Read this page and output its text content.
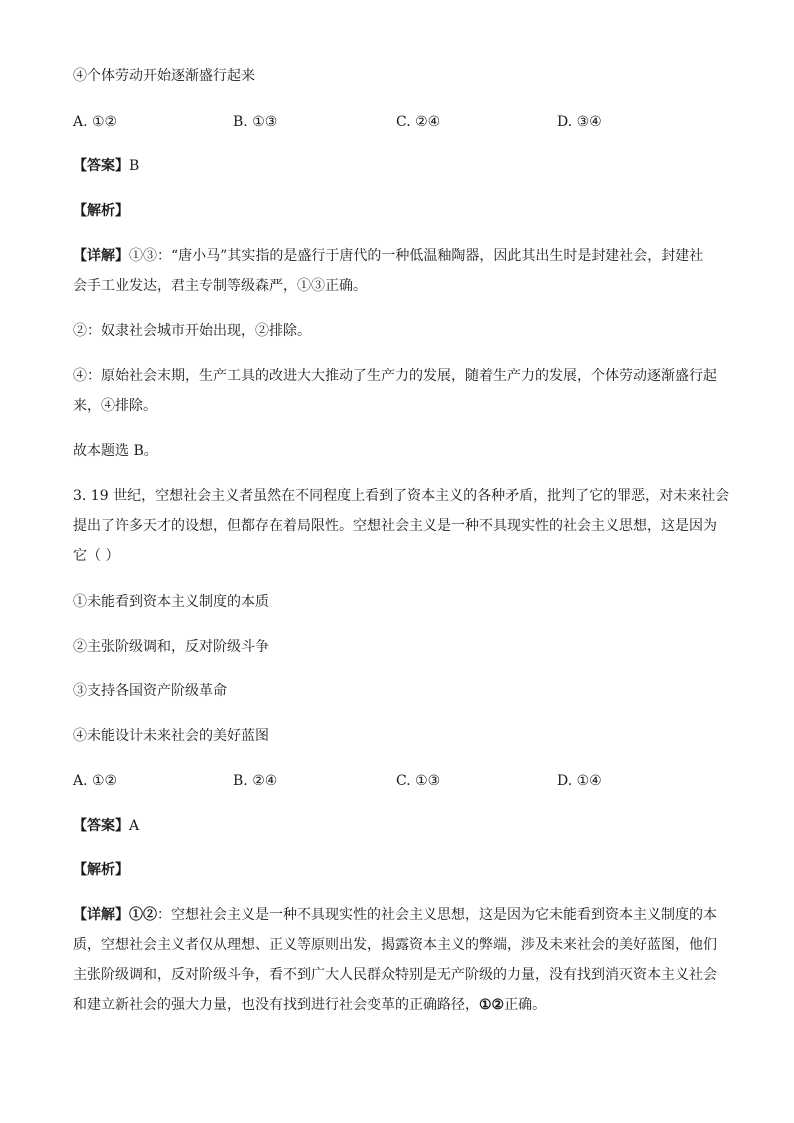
④个体劳动开始逐渐盛行起来
A. ①②	B. ①③	C. ②④	D. ③④
【答案】B
【解析】
【详解】①③：“唐小马”其实指的是盛行于唐代的一种低温釉陶器，因此其出生时是封建社会，封建社
会手工业发达，君主专制等级森严，①③正确。
②：奴隶社会城市开始出现，②排除。
④：原始社会末期，生产工具的改进大大推动了生产力的发展，随着生产力的发展，个体劳动逐渐盛行起
来，④排除。
故本题选 B。
3. 19 世纪，空想社会主义者虽然在不同程度上看到了资本主义的各种矛盾，批判了它的罪恶，对未来社会
提出了许多天才的设想，但都存在着局限性。空想社会主义是一种不具现实性的社会主义思想，这是因为
它（ ）
①未能看到资本主义制度的本质
②主张阶级调和，反对阶级斗争
③支持各国资产阶级革命
④未能设计未来社会的美好蓝图
A. ①②	B. ②④	C. ①③	D. ①④
【答案】A
【解析】
【详解】①②：空想社会主义是一种不具现实性的社会主义思想，这是因为它未能看到资本主义制度的本
质，空想社会主义者仅从理想、正义等原则出发，揭露资本主义的弊端，涉及未来社会的美好蓝图，他们
主张阶级调和，反对阶级斗争，看不到广大人民群众特别是无产阶级的力量，没有找到消灭资本主义社会
和建立新社会的强大力量，也没有找到进行社会变革的正确路径，①②正确。
